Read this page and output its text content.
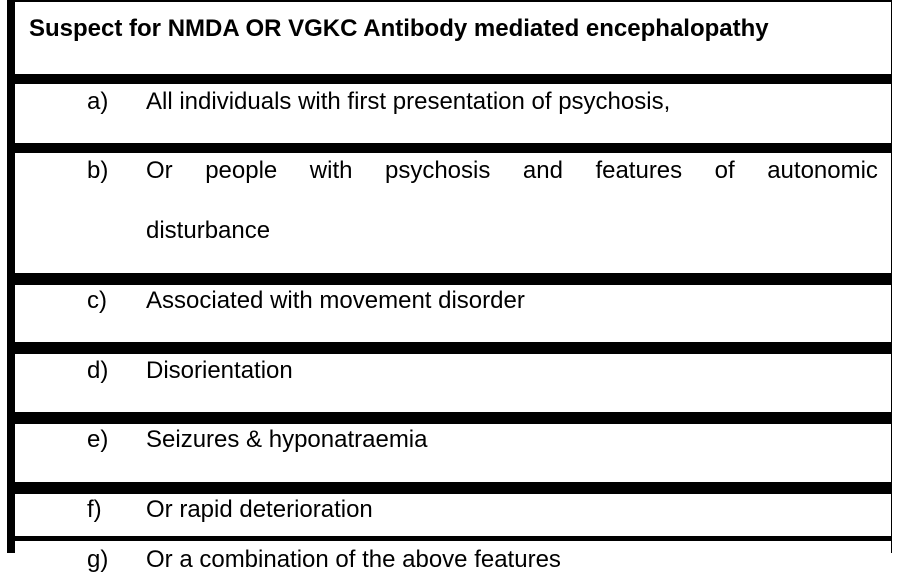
Suspect for NMDA OR VGKC Antibody mediated encephalopathy
a) All individuals with first presentation of psychosis,
b) Or people with psychosis and features of autonomic
disturbance
c) Associated with movement disorder
d) Disorientation
e) Seizures & hyponatraemia
f) Or rapid deterioration
g)	Or a combination of the above features
